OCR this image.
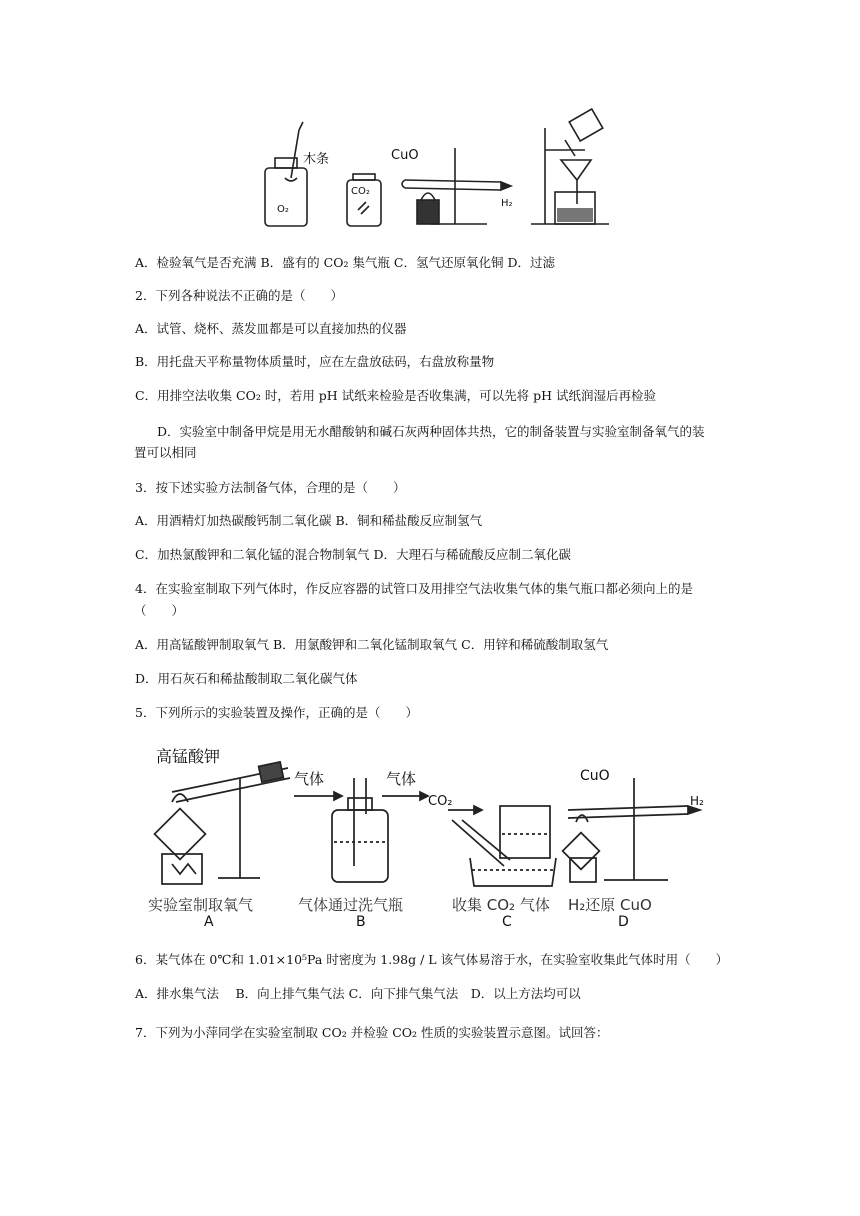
木条
O₂
CO₂
CuO
H₂
A．检验氧气是否充满 B．盛有的 CO₂ 集气瓶 C．氢气还原氧化铜 D．过滤
2．下列各种说法不正确的是（　　）
A．试管、烧杯、蒸发皿都是可以直接加热的仪器
B．用托盘天平称量物体质量时，应在左盘放砝码，右盘放称量物
C．用排空法收集 CO₂ 时，若用 pH 试纸来检验是否收集满，可以先将 pH 试纸润湿后再检验
D．实验室中制备甲烷是用无水醋酸钠和碱石灰两种固体共热，它的制备装置与实验室制备氧气的装
置可以相同
3．按下述实验方法制备气体，合理的是（　　）
A．用酒精灯加热碳酸钙制二氧化碳 B．铜和稀盐酸反应制氢气
C．加热氯酸钾和二氧化锰的混合物制氧气 D．大理石与稀硫酸反应制二氧化碳
4．在实验室制取下列气体时，作反应容器的试管口及用排空气法收集气体的集气瓶口都必须向上的是
（　　）
A．用高锰酸钾制取氧气 B．用氯酸钾和二氧化锰制取氧气 C．用锌和稀硫酸制取氢气
D．用石灰石和稀盐酸制取二氧化碳气体
5．下列所示的实验装置及操作，正确的是（　　）
高锰酸钾
实验室制取氧气
A
气体	气体
气体通过洗气瓶
B
CO₂
收集 CO₂ 气体
C
CuO
H₂
H₂还原 CuO
D
6．某气体在 0℃和 1.01×10⁵Pa 时密度为 1.98g / L 该气体易溶于水，在实验室收集此气体时用（　　）
A．排水集气法　 B．向上排气集气法 C．向下排气集气法　D．以上方法均可以
7．下列为小萍同学在实验室制取 CO₂ 并检验 CO₂ 性质的实验装置示意图。试回答：
